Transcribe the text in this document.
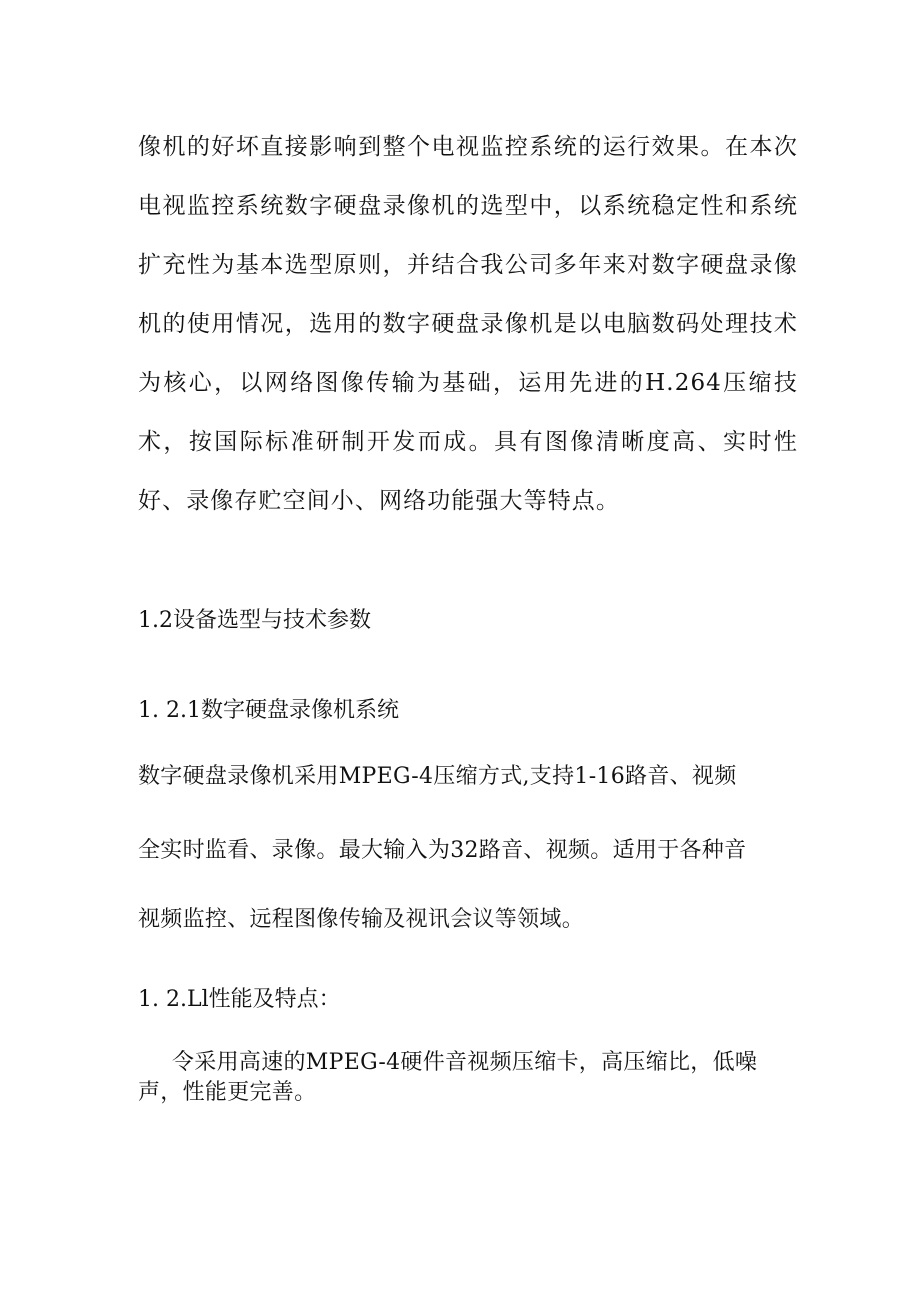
像机的好坏直接影响到整个电视监控系统的运行效果。在本次电视监控系统数字硬盘录像机的选型中，以系统稳定性和系统扩充性为基本选型原则，并结合我公司多年来对数字硬盘录像机的使用情况，选用的数字硬盘录像机是以电脑数码处理技术为核心，以网络图像传输为基础，运用先进的H.264压缩技术，按国际标准研制开发而成。具有图像清晰度高、实时性好、录像存贮空间小、网络功能强大等特点。

1.2设备选型与技术参数
1. 2.1数字硬盘录像机系统

数字硬盘录像机采用MPEG-4压缩方式,支持1-16路音、视频

全实时监看、录像。最大输入为32路音、视频。适用于各种音

视频监控、远程图像传输及视讯会议等领域。

1. 2.Ll性能及特点：

令采用高速的MPEG-4硬件音视频压缩卡，高压缩比，低噪声，性能更完善。
